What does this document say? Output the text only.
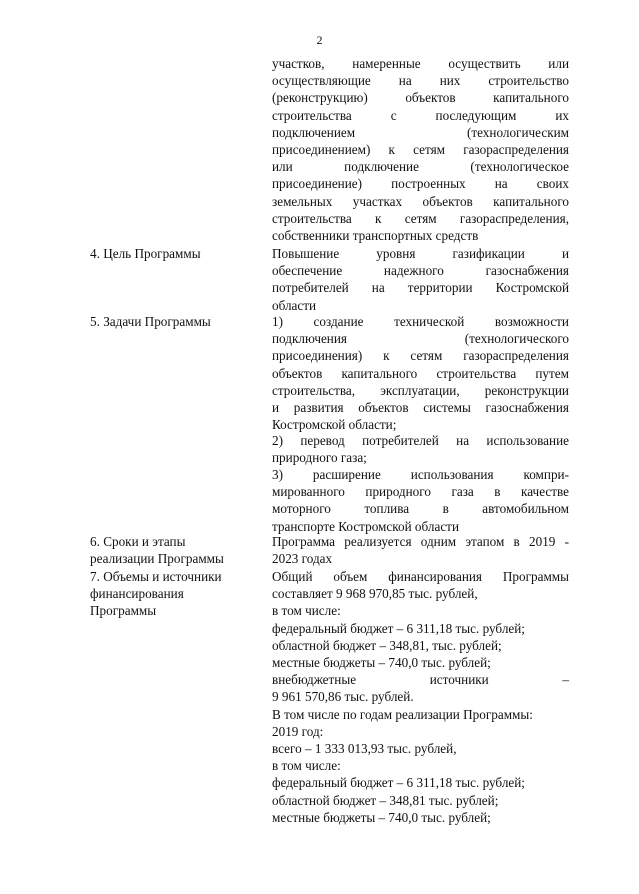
2
участков, намеренные осуществить или
осуществляющие на них строительство
(реконструкцию) объектов капитального
строительства с последующим их
подключением (технологическим
присоединением) к сетям газораспределения
или подключение (технологическое
присоединение) построенных на своих
земельных участках объектов капитального
строительства к сетям газораспределения,
собственники транспортных средств
4. Цель Программы	Повышение уровня газификации и
обеспечение надежного газоснабжения
потребителей на территории Костромской
области
5. Задачи Программы	1) создание технической возможности
подключения (технологического
присоединения) к сетям газораспределения
объектов капитального строительства путем
строительства, эксплуатации, реконструкции
и развития объектов системы газоснабжения
Костромской области;
2) перевод потребителей на использование
природного газа;
3) расширение использования компри-
мированного природного газа в качестве
моторного топлива в автомобильном
транспорте Костромской области
6. Сроки и этапы
реализации Программы
Программа реализуется одним этапом в 2019 -
2023 годах
7. Объемы и источники
финансирования
Программы
Общий объем финансирования Программы
составляет 9 968 970,85 тыс. рублей,
в том числе:
федеральный бюджет – 6 311,18 тыс. рублей;
областной бюджет – 348,81, тыс. рублей;
местные бюджеты – 740,0 тыс. рублей;
внебюджетные источники –
9 961 570,86 тыс. рублей.
В том числе по годам реализации Программы:
2019 год:
всего – 1 333 013,93 тыс. рублей,
в том числе:
федеральный бюджет – 6 311,18 тыс. рублей;
областной бюджет – 348,81 тыс. рублей;
местные бюджеты – 740,0 тыс. рублей;
